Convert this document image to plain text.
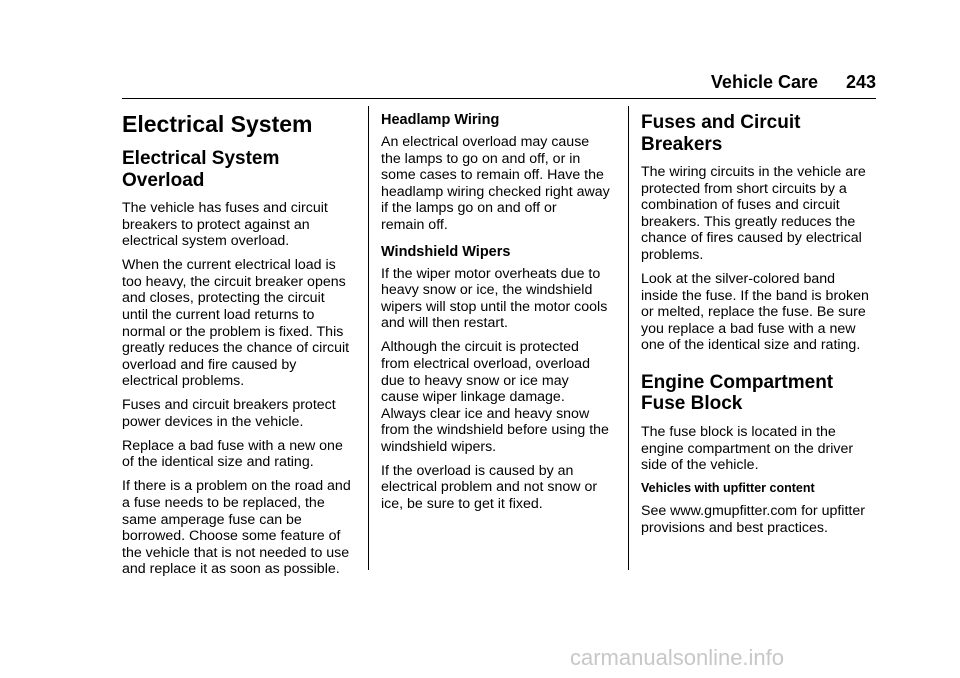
Vehicle Care 243
Electrical System
Electrical System
Overload

The vehicle has fuses and circuit
breakers to protect against an
electrical system overload.

When the current electrical load is
too heavy, the circuit breaker opens
and closes, protecting the circuit
until the current load returns to
normal or the problem is fixed. This
greatly reduces the chance of circuit
overload and fire caused by
electrical problems.

Fuses and circuit breakers protect
power devices in the vehicle.

Replace a bad fuse with a new one
of the identical size and rating.

If there is a problem on the road and
a fuse needs to be replaced, the
same amperage fuse can be
borrowed. Choose some feature of
the vehicle that is not needed to use
and replace it as soon as possible.

Headlamp Wiring

An electrical overload may cause
the lamps to go on and off, or in
some cases to remain off. Have the
headlamp wiring checked right away
if the lamps go on and off or
remain off.

Windshield Wipers

If the wiper motor overheats due to
heavy snow or ice, the windshield
wipers will stop until the motor cools
and will then restart.

Although the circuit is protected
from electrical overload, overload
due to heavy snow or ice may
cause wiper linkage damage.
Always clear ice and heavy snow
from the windshield before using the
windshield wipers.

If the overload is caused by an
electrical problem and not snow or
ice, be sure to get it fixed.

Fuses and Circuit
Breakers

The wiring circuits in the vehicle are
protected from short circuits by a
combination of fuses and circuit
breakers. This greatly reduces the
chance of fires caused by electrical
problems.

Look at the silver-colored band
inside the fuse. If the band is broken
or melted, replace the fuse. Be sure
you replace a bad fuse with a new
one of the identical size and rating.

Engine Compartment
Fuse Block

The fuse block is located in the
engine compartment on the driver
side of the vehicle.

Vehicles with upfitter content

See www.gmupfitter.com for upfitter
provisions and best practices.

carmanualsonline.info
